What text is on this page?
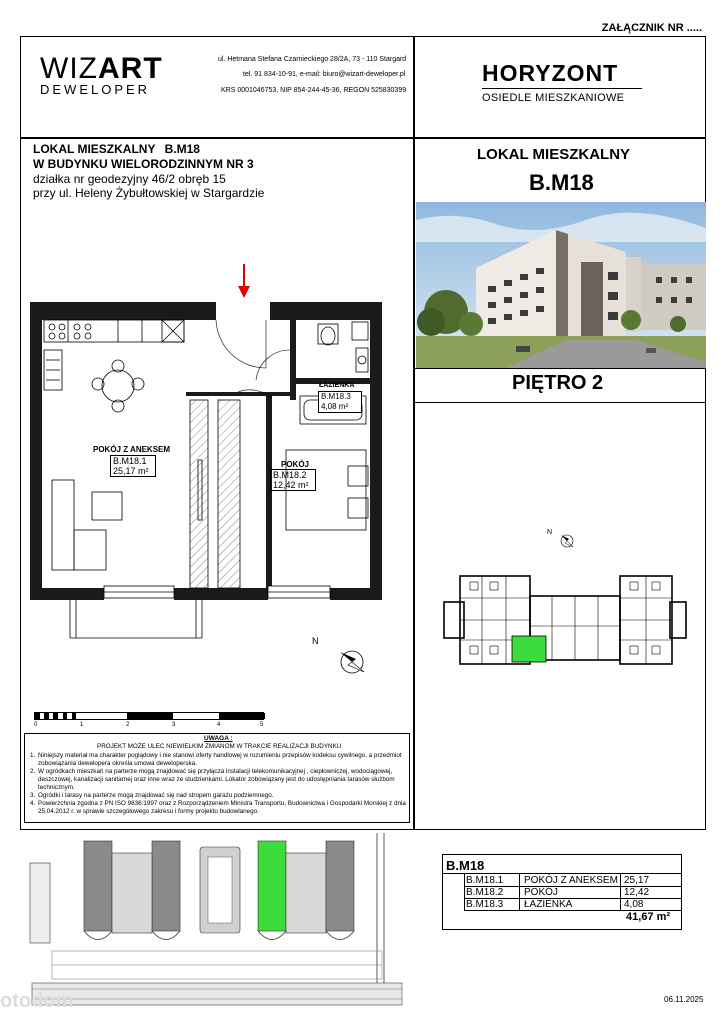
ZAŁĄCZNIK NR .....
WIZART
DEWELOPER
ul. Hetmana Stefana Czarnieckiego 28/2A, 73 - 110 Stargard
tel. 91 834-10-91, e-mail: biuro@wizart-deweloper.pl
KRS 0001046753, NIP 854-244-45-36, REGON 525830399
HORYZONT
OSIEDLE MIESZKANIOWE
LOKAL MIESZKALNY B.M18
W BUDYNKU WIELORODZINNYM NR 3
działka nr geodezyjny 46/2 obręb 15
przy ul. Heleny Żybułtowskiej w Stargardzie
LOKAL MIESZKALNY
B.M18
PIĘTRO 2
N
POKÓJ Z ANEKSEM
B.M18.1
25,17 m²
POKÓJ
B.M18.2
12,42 m²
ŁAZIENKA
B.M18.3
4,08 m²
N
0	1	2	3	4	5
UWAGA :
PROJEKT MOŻE ULEC NIEWIELKIM ZMIANOM W TRAKCIE REALIZACJI BUDYNKU
1. Niniejszy materiał ma charakter poglądowy i nie stanowi oferty handlowej w rozumieniu przepisów kodeksu cywilnego, a przedmiot zobowiązania dewelopera określa umowa deweloperska.
2. W ogródkach mieszkań na parterze mogą znajdować się przyłącza instalacji telekomunikacyjnej , ciepłowniczej, wodociągowej, deszczowej, kanalizacji sanitarnej oraz inne wraz ze studzienkami. Lokator zobowiązany jest do udostępniania tarasów służbom technicznym.
3. Ogródki i tarasy na parterze mogą znajdować się nad stropem garażu podziemnego.
4. Powierzchnia zgodna z PN ISO 9836:1997 oraz z Rozporządzeniem Ministra Transportu, Budownictwa i Gospodarki Morskiej z dnia 25.04.2012 r. w sprawie szczegółowego zakresu i formy projektu budowlanego.
otodom
B.M18
B.M18.1 POKÓJ Z ANEKSEM 25,17
B.M18.2 POKÓJ	12,42
B.M18.3 ŁAZIENKA	4,08
41,67 m²
06.11.2025
